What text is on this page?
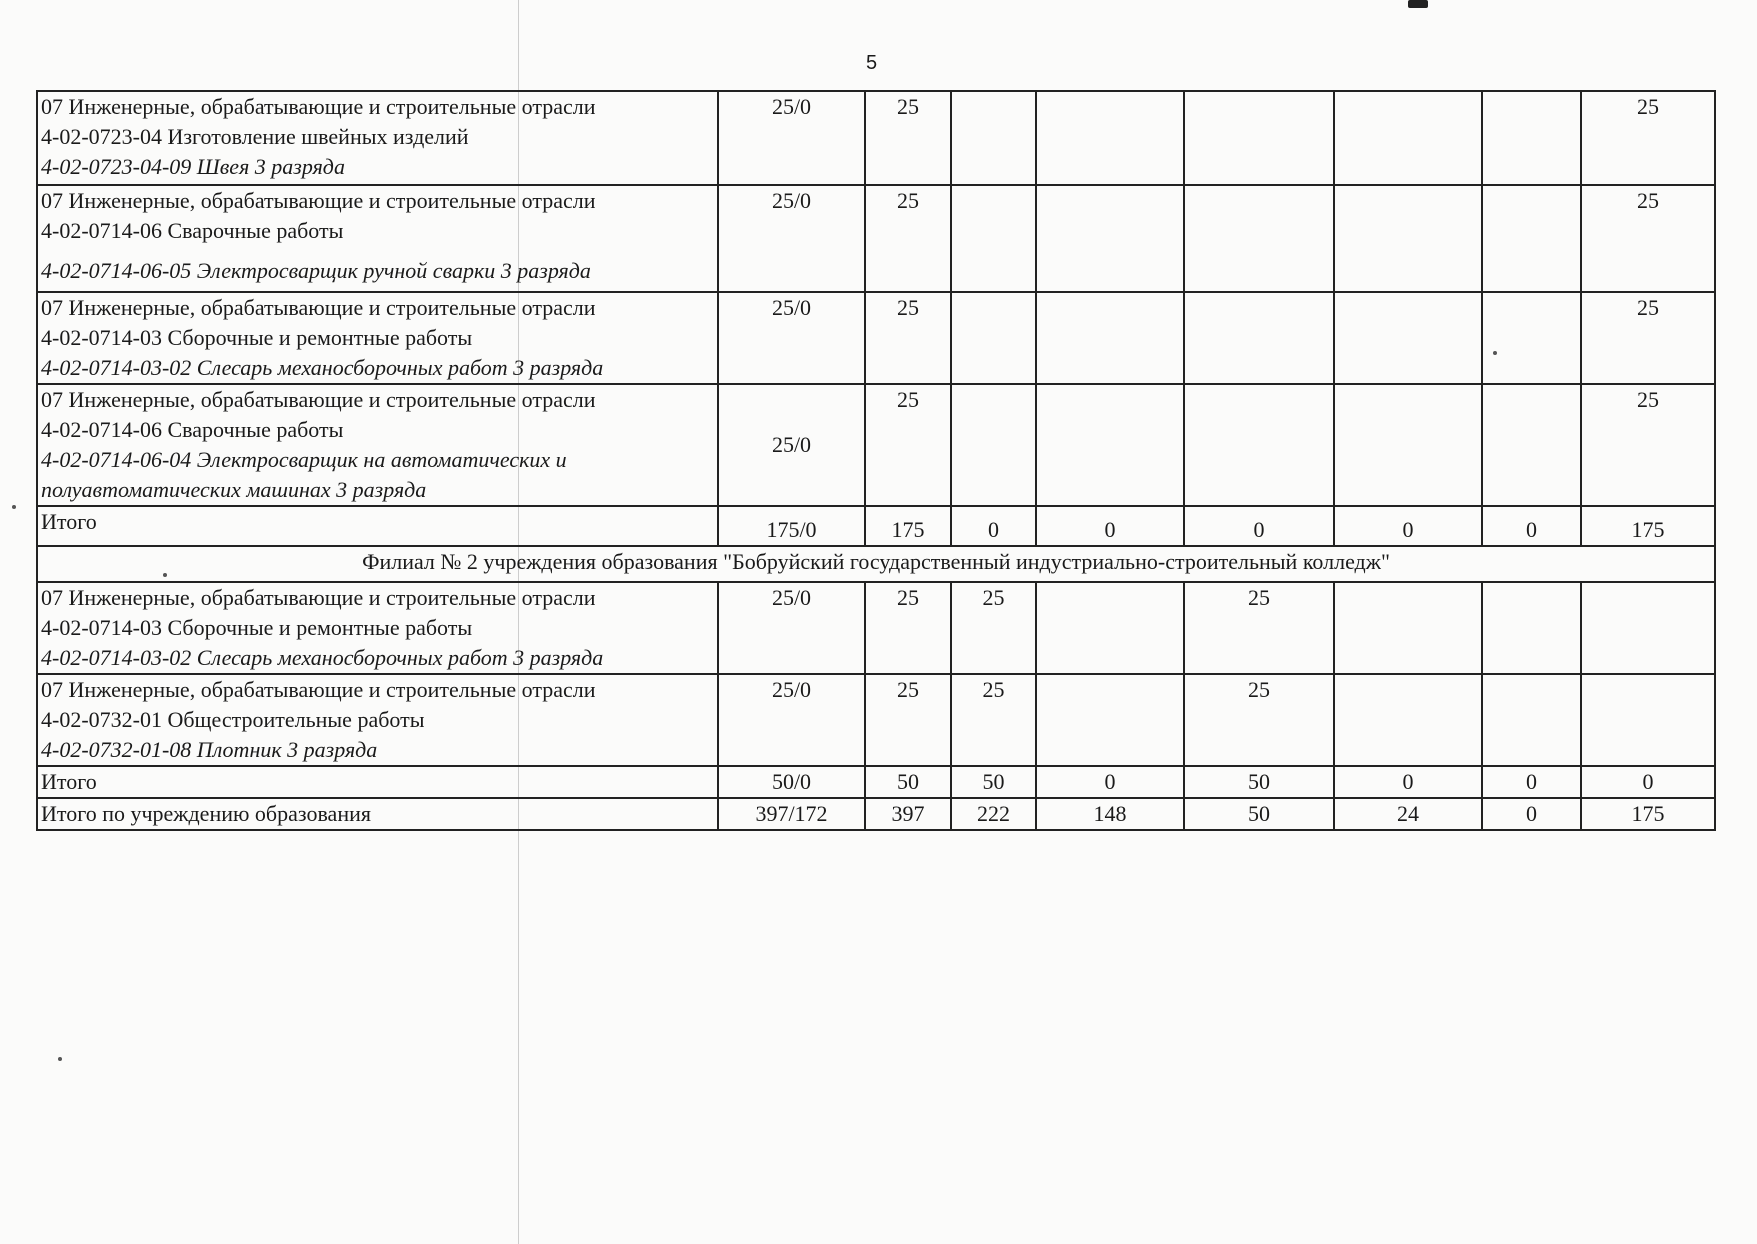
5
07 Инженерные, обрабатывающие и строительные отрасли
4-02-0723-04 Изготовление швейных изделий
4-02-0723-04-09 Швея 3 разряда	25/0	25						25

07 Инженерные, обрабатывающие и строительные отрасли
4-02-0714-06 Сварочные работы
4-02-0714-06-05 Электросварщик ручной сварки 3 разряда	25/0	25						25

07 Инженерные, обрабатывающие и строительные отрасли
4-02-0714-03 Сборочные и ремонтные работы
4-02-0714-03-02 Слесарь механосборочных работ 3 разряда	25/0	25						25

07 Инженерные, обрабатывающие и строительные отрасли
4-02-0714-06 Сварочные работы
4-02-0714-06-04 Электросварщик на автоматических и
полуавтоматических машинах 3 разряда	25/0	25						25
Итого	175/0	175	0	0	0	0	0	175
Филиал № 2 учреждения образования "Бобруйский государственный индустриально-строительный колледж"								

07 Инженерные, обрабатывающие и строительные отрасли
4-02-0714-03 Сборочные и ремонтные работы
4-02-0714-03-02 Слесарь механосборочных работ 3 разряда	25/0	25	25		25			

07 Инженерные, обрабатывающие и строительные отрасли
4-02-0732-01 Общестроительные работы
4-02-0732-01-08 Плотник 3 разряда	25/0	25	25		25			
Итого	50/0	50	50	0	50	0	0	0
Итого по учреждению образования	397/172	397	222	148	50	24	0	175
